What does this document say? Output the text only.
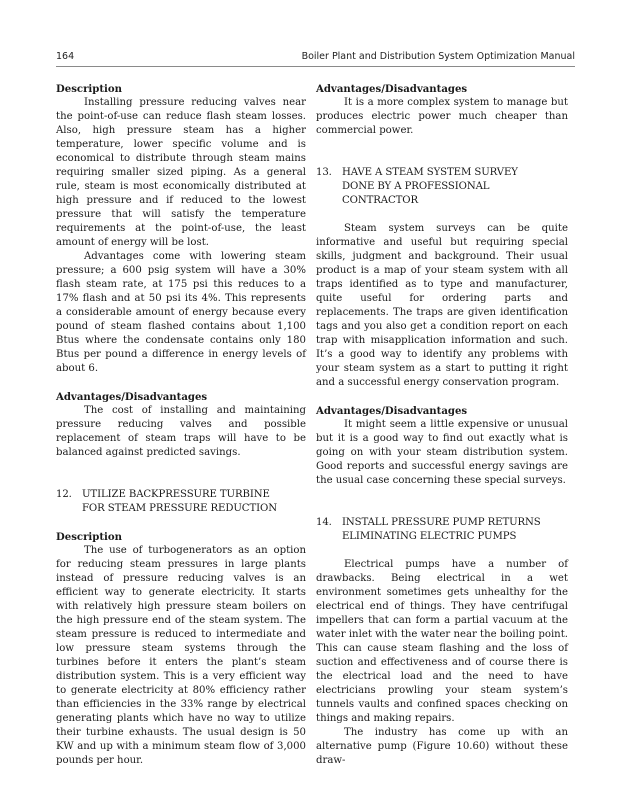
164	Boiler Plant and Distribution System Optimization Manual
Description

Installing pressure reducing valves near the point-of-use can reduce flash steam losses. Also, high pressure steam has a higher temperature, lower specific volume and is economical to distribute through steam mains requiring smaller sized piping. As a general rule, steam is most economically distributed at high pressure and if reduced to the lowest pressure that will satisfy the temperature requirements at the point-of-use, the least amount of energy will be lost.

Advantages come with lowering steam pressure; a 600 psig system will have a 30% flash steam rate, at 175 psi this reduces to a 17% flash and at 50 psi its 4%. This represents a considerable amount of energy because every pound of steam flashed contains about 1,100 Btus where the condensate contains only 180 Btus per pound a difference in energy levels of about 6.

Advantages/Disadvantages

The cost of installing and maintaining pressure reducing valves and possible replacement of steam traps will have to be balanced against predicted savings.

12.	UTILIZE BACKPRESSURE TURBINE
FOR STEAM PRESSURE REDUCTION
Description

The use of turbogenerators as an option for reducing steam pressures in large plants instead of pressure reducing valves is an efficient way to generate electricity. It starts with relatively high pressure steam boilers on the high pressure end of the steam system. The steam pressure is reduced to intermediate and low pressure steam systems through the turbines before it enters the plant’s steam distribution system. This is a very efficient way to generate electricity at 80% efficiency rather than efficiencies in the 33% range by electrical generating plants which have no way to utilize their turbine exhausts. The usual design is 50 KW and up with a minimum steam flow of 3,000 pounds per hour.

Advantages/Disadvantages

It is a more complex system to manage but produces electric power much cheaper than commercial power.

13.	HAVE A STEAM SYSTEM SURVEY
DONE BY A PROFESSIONAL
CONTRACTOR

Steam system surveys can be quite informative and useful but requiring special skills, judgment and background. Their usual product is a map of your steam system with all traps identified as to type and manufacturer, quite useful for ordering parts and replacements. The traps are given identification tags and you also get a condition report on each trap with misapplication information and such. It’s a good way to identify any problems with your steam system as a start to putting it right and a successful energy conservation program.

Advantages/Disadvantages

It might seem a little expensive or unusual but it is a good way to find out exactly what is going on with your steam distribution system. Good reports and successful energy savings are the usual case concerning these special surveys.

14.	INSTALL PRESSURE PUMP RETURNS
ELIMINATING ELECTRIC PUMPS

Electrical pumps have a number of drawbacks. Being electrical in a wet environment sometimes gets unhealthy for the electrical end of things. They have centrifugal impellers that can form a partial vacuum at the water inlet with the water near the boiling point. This can cause steam flashing and the loss of suction and effectiveness and of course there is the electrical load and the need to have electricians prowling your steam system’s tunnels vaults and confined spaces checking on things and making repairs.

The industry has come up with an alternative pump (Figure 10.60) without these draw-
